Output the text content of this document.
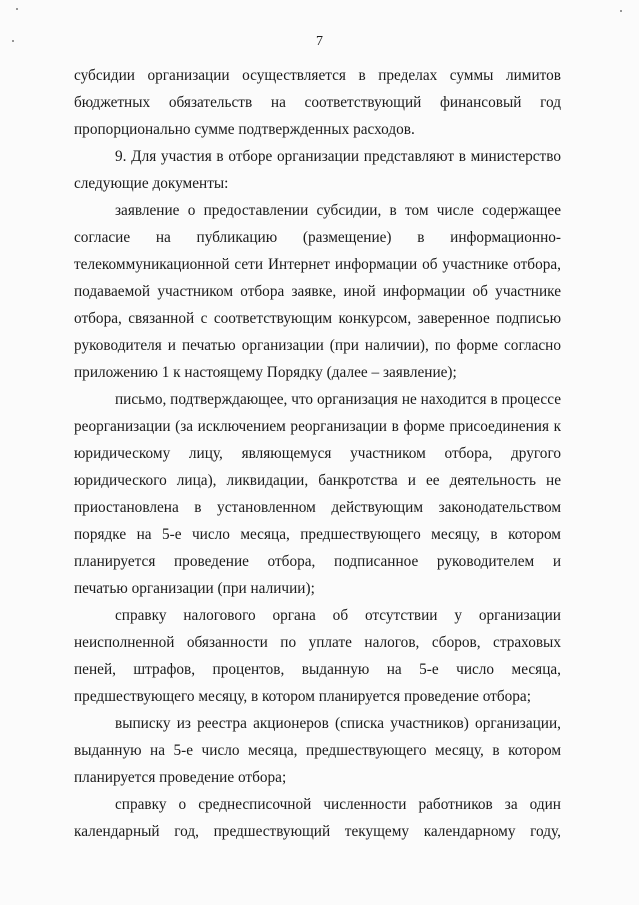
7
субсидии организации осуществляется в пределах суммы лимитов
бюджетных обязательств на соответствующий финансовый год
пропорционально сумме подтвержденных расходов.
9. Для участия в отборе организации представляют в министерство
следующие документы:
заявление о предоставлении субсидии, в том числе содержащее
согласие на публикацию (размещение) в информационно-
телекоммуникационной сети Интернет информации об участнике отбора,
подаваемой участником отбора заявке, иной информации об участнике
отбора, связанной с соответствующим конкурсом, заверенное подписью
руководителя и печатью организации (при наличии), по форме согласно
приложению 1 к настоящему Порядку (далее – заявление);
письмо, подтверждающее, что организация не находится в процессе
реорганизации (за исключением реорганизации в форме присоединения к
юридическому лицу, являющемуся участником отбора, другого
юридического лица), ликвидации, банкротства и ее деятельность не
приостановлена в установленном действующим законодательством
порядке на 5-е число месяца, предшествующего месяцу, в котором
планируется проведение отбора, подписанное руководителем и
печатью организации (при наличии);
справку налогового органа об отсутствии у организации
неисполненной обязанности по уплате налогов, сборов, страховых
пеней, штрафов, процентов, выданную на 5-е число месяца,
предшествующего месяцу, в котором планируется проведение отбора;
выписку из реестра акционеров (списка участников) организации,
выданную на 5-е число месяца, предшествующего месяцу, в котором
планируется проведение отбора;
справку о среднесписочной численности работников за один
календарный год, предшествующий текущему календарному году,
